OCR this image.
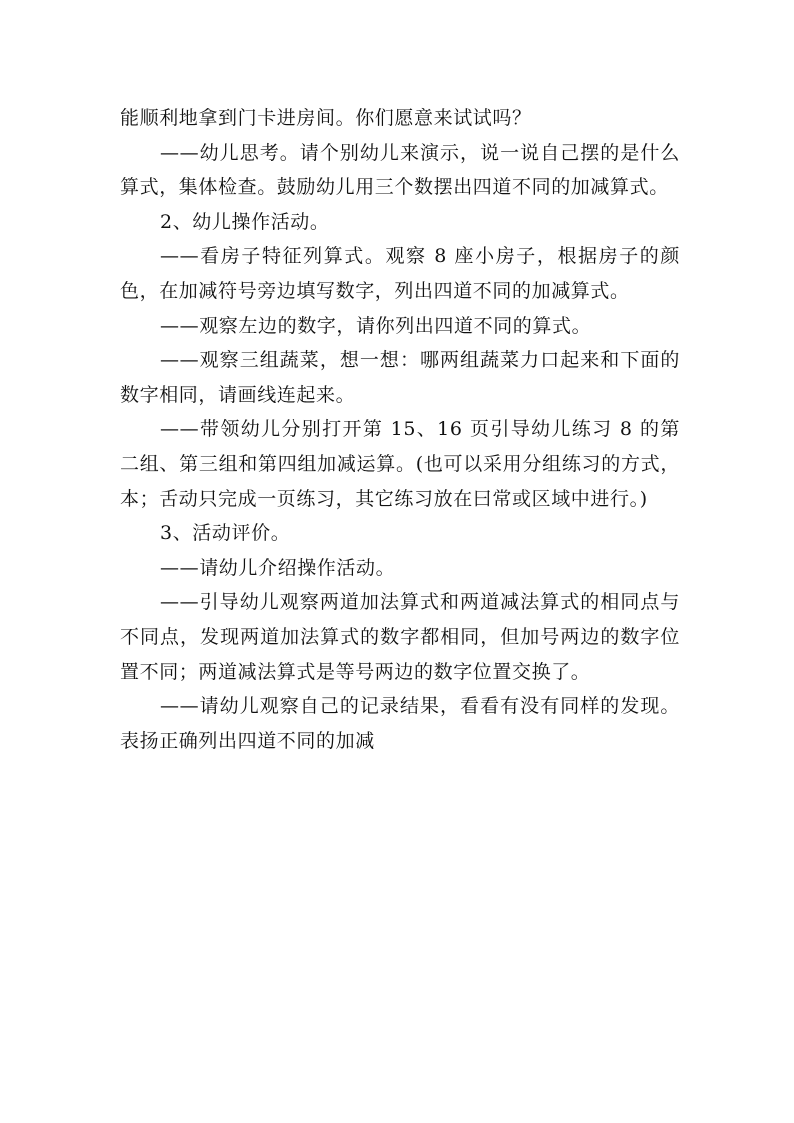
能顺利地拿到门卡进房间。你们愿意来试试吗？

——幼儿思考。请个别幼儿来演示，说一说自己摆的是什么算式，集体检查。鼓励幼儿用三个数摆出四道不同的加减算式。

2、幼儿操作活动。

——看房子特征列算式。观察 8 座小房子，根据房子的颜色，在加减符号旁边填写数字，列出四道不同的加减算式。

——观察左边的数字，请你列出四道不同的算式。

——观察三组蔬菜，想一想：哪两组蔬菜力口起来和下面的数字相同，请画线连起来。

——带领幼儿分别打开第 15、16 页引导幼儿练习 8 的第二组、第三组和第四组加减运算。(也可以采用分组练习的方式，本；舌动只完成一页练习，其它练习放在曰常或区域中进行。)

3、活动评价。

——请幼儿介绍操作活动。

——引导幼儿观察两道加法算式和两道减法算式的相同点与不同点，发现两道加法算式的数字都相同，但加号两边的数字位置不同；两道减法算式是等号两边的数字位置交换了。

——请幼儿观察自己的记录结果，看看有没有同样的发现。表扬正确列出四道不同的加减
